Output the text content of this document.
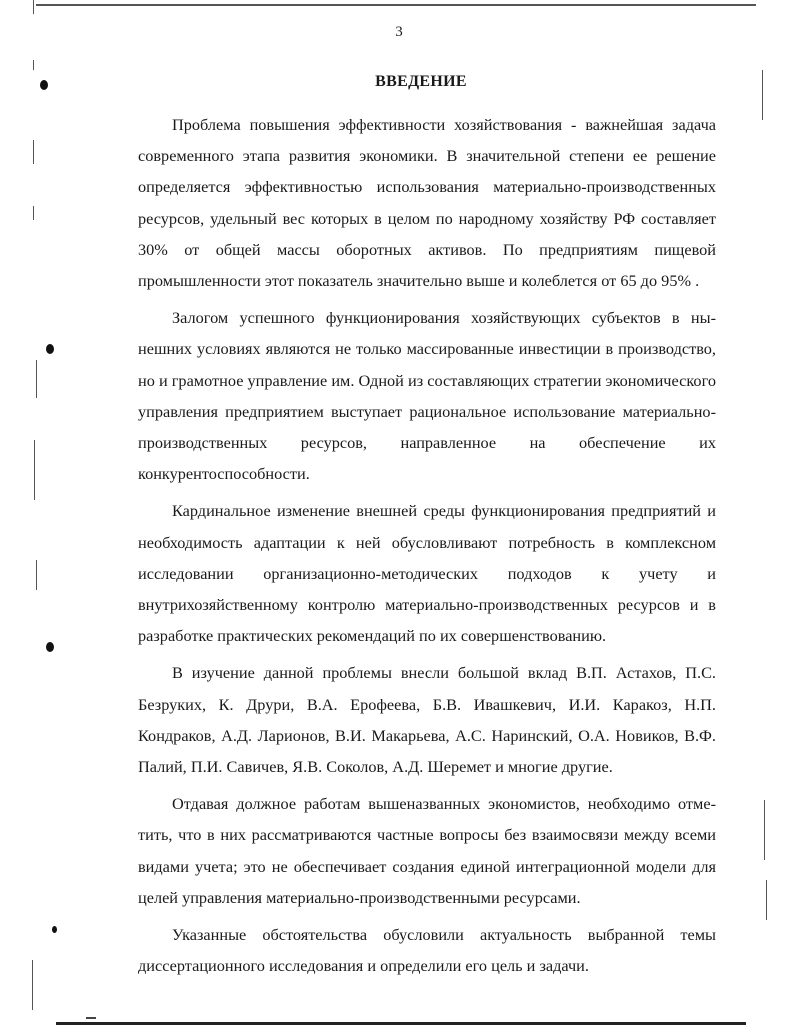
3
ВВЕДЕНИЕ

Проблема повышения эффективности хозяйствования - важнейшая задача современного этапа развития экономики. В значительной степени ее решение определяется эффективностью использования материально-производственных ресурсов, удельный вес которых в целом по народному хозяйству РФ составляет 30% от общей массы оборотных активов. По предприятиям пищевой промышленности этот показатель значительно выше и колеблется от 65 до 95% .

Залогом успешного функционирования хозяйствующих субъектов в нынешних условиях являются не только массированные инвестиции в производство, но и грамотное управление им. Одной из составляющих стратегии экономического управления предприятием выступает рациональное использование материально-производственных ресурсов, направленное на обеспечение их конкурентоспособности.

Кардинальное изменение внешней среды функционирования предприятий и необходимость адаптации к ней обусловливают потребность в комплексном исследовании организационно-методических подходов к учету и внутрихозяйственному контролю материально-производственных ресурсов и в разработке практических рекомендаций по их совершенствованию.

В изучение данной проблемы внесли большой вклад В.П. Астахов, П.С. Безруких, К. Друри, В.А. Ерофеева, Б.В. Ивашкевич, И.И. Каракоз, Н.П. Кондраков, А.Д. Ларионов, В.И. Макарьева, А.С. Наринский, О.А. Новиков, В.Ф. Палий, П.И. Савичев, Я.В. Соколов, А.Д. Шеремет и многие другие.

Отдавая должное работам вышеназванных экономистов, необходимо отметить, что в них рассматриваются частные вопросы без взаимосвязи между всеми видами учета; это не обеспечивает создания единой интеграционной модели для целей управления материально-производственными ресурсами.

Указанные обстоятельства обусловили актуальность выбранной темы диссертационного исследования и определили его цель и задачи.
